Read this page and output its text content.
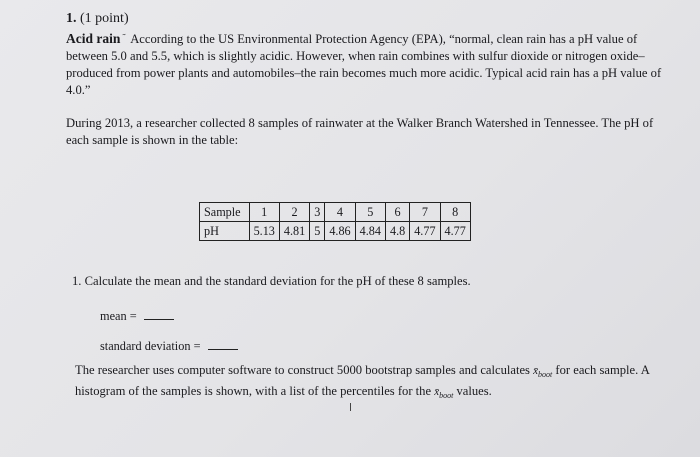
1. (1 point)
Acid rain ˜ According to the US Environmental Protection Agency (EPA), “normal, clean rain has a pH value of between 5.0 and 5.5, which is slightly acidic. However, when rain combines with sulfur dioxide or nitrogen oxide–produced from power plants and automobiles–the rain becomes much more acidic. Typical acid rain has a pH value of 4.0.”
During 2013, a researcher collected 8 samples of rainwater at the Walker Branch Watershed in Tennessee. The pH of each sample is shown in the table:
Sample	1	2	3	4	5	6	7	8
pH	5.13	4.81	5	4.86	4.84	4.8	4.77	4.77
1. Calculate the mean and the standard deviation for the pH of these 8 samples.
mean =
standard deviation =
The researcher uses computer software to construct 5000 bootstrap samples and calculates $x̄_{boot}$ for each sample. A histogram of the samples is shown, with a list of the percentiles for the $x̄_{boot}$ values.
